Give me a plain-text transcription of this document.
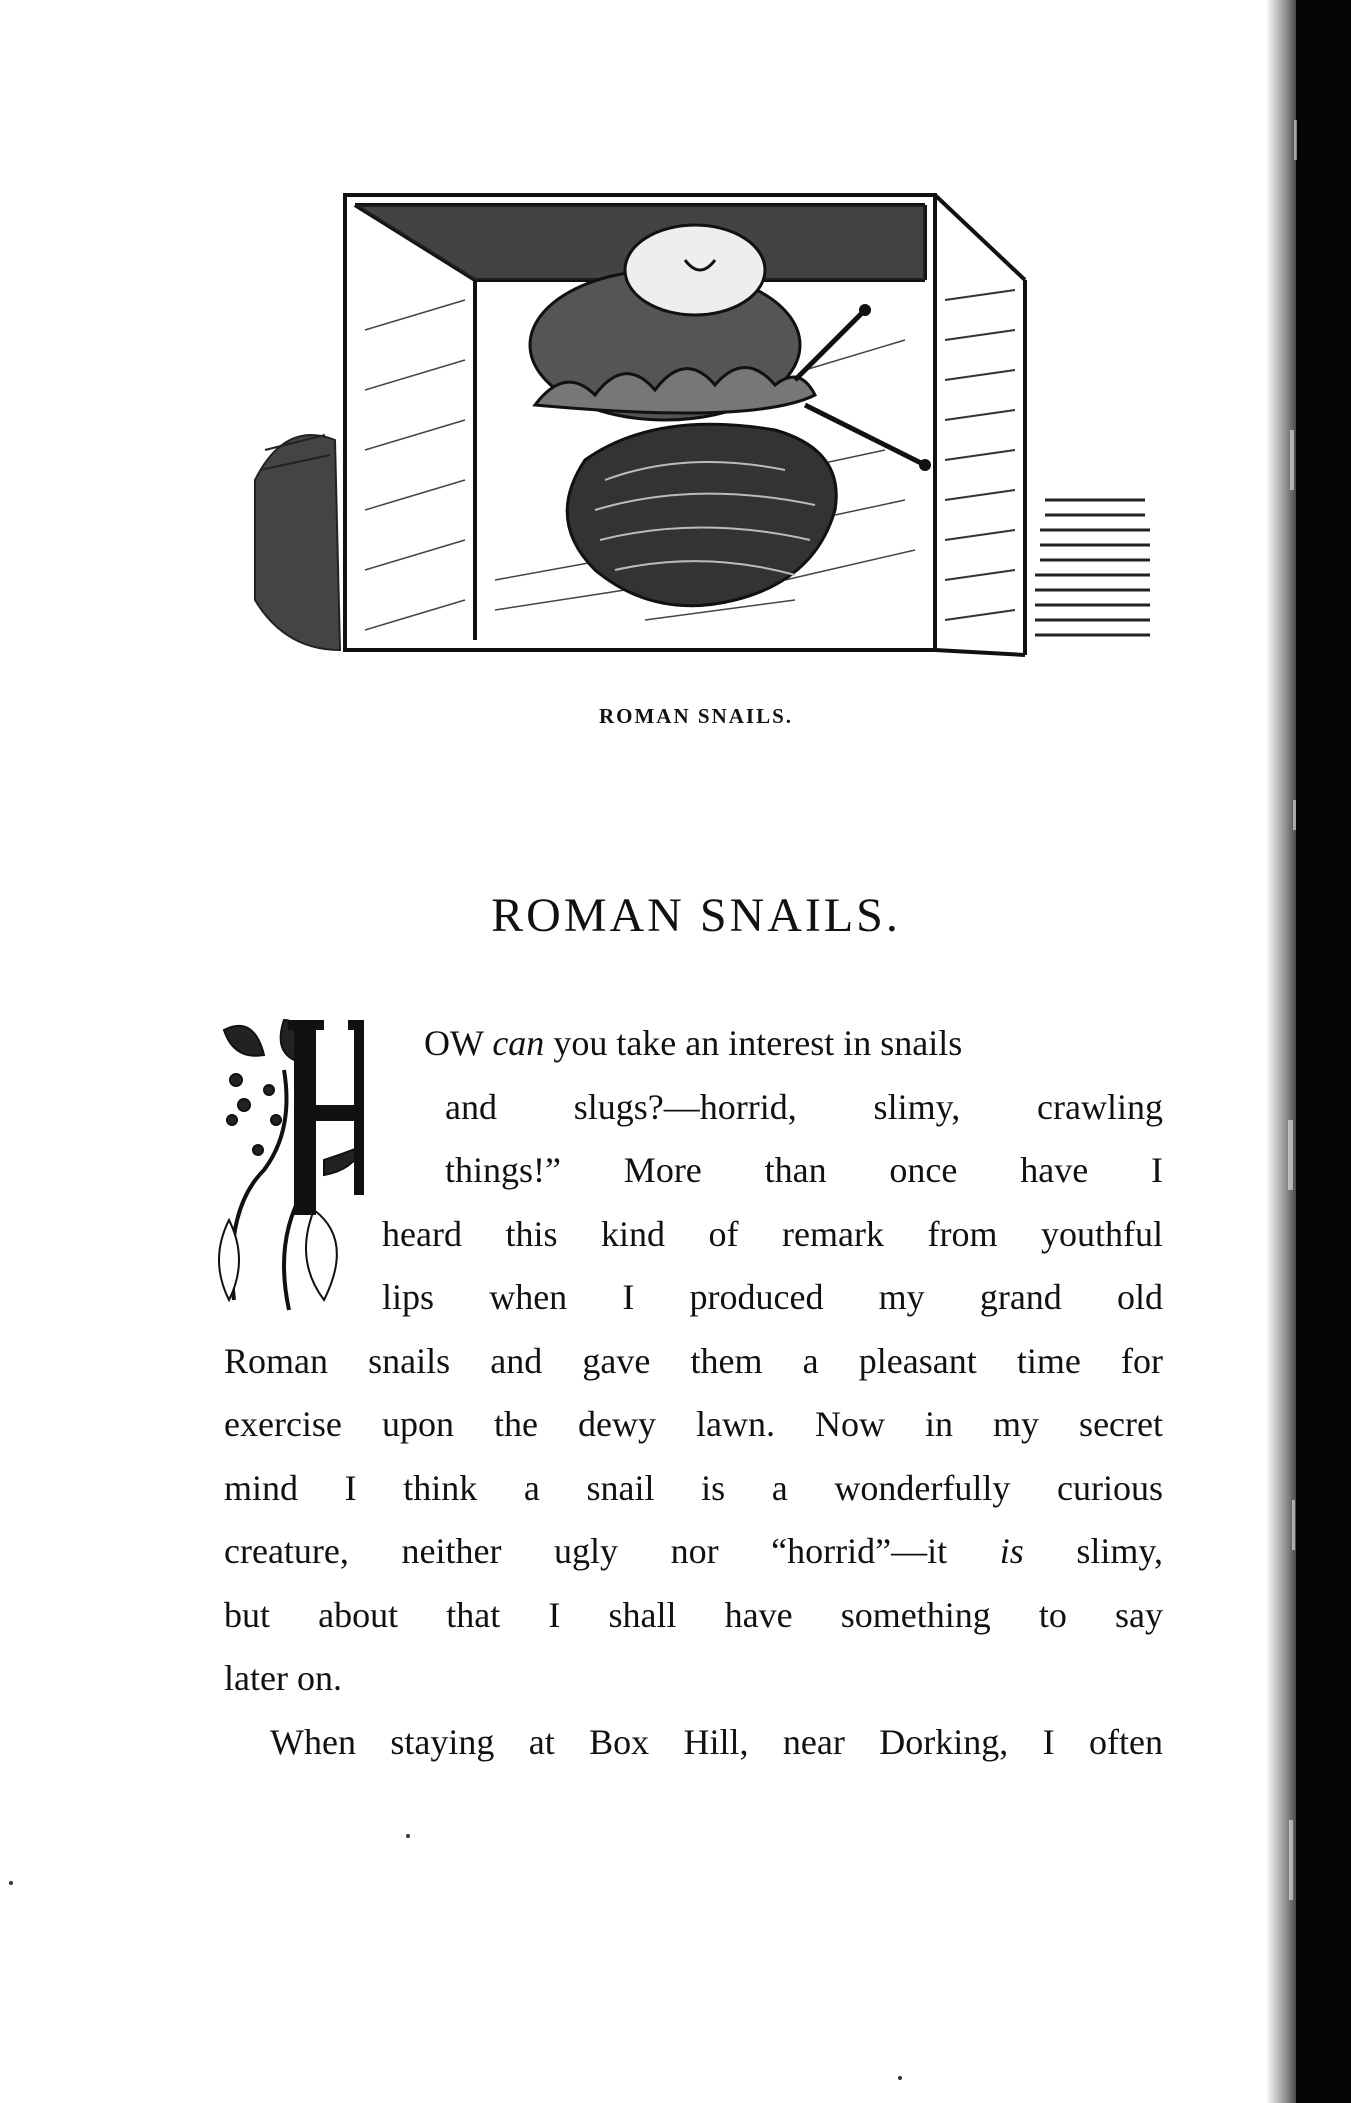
ROMAN SNAILS.
ROMAN SNAILS.
OW can you take an interest in snails
and slugs?—horrid, slimy, crawling
things!” More than once have I
heard this kind of remark from youthful
lips when I produced my grand old
Roman snails and gave them a pleasant time for
exercise upon the dewy lawn. Now in my secret
mind I think a snail is a wonderfully curious
creature, neither ugly nor “horrid”—it is slimy,
but about that I shall have something to say
later on.
When staying at Box Hill, near Dorking, I often
